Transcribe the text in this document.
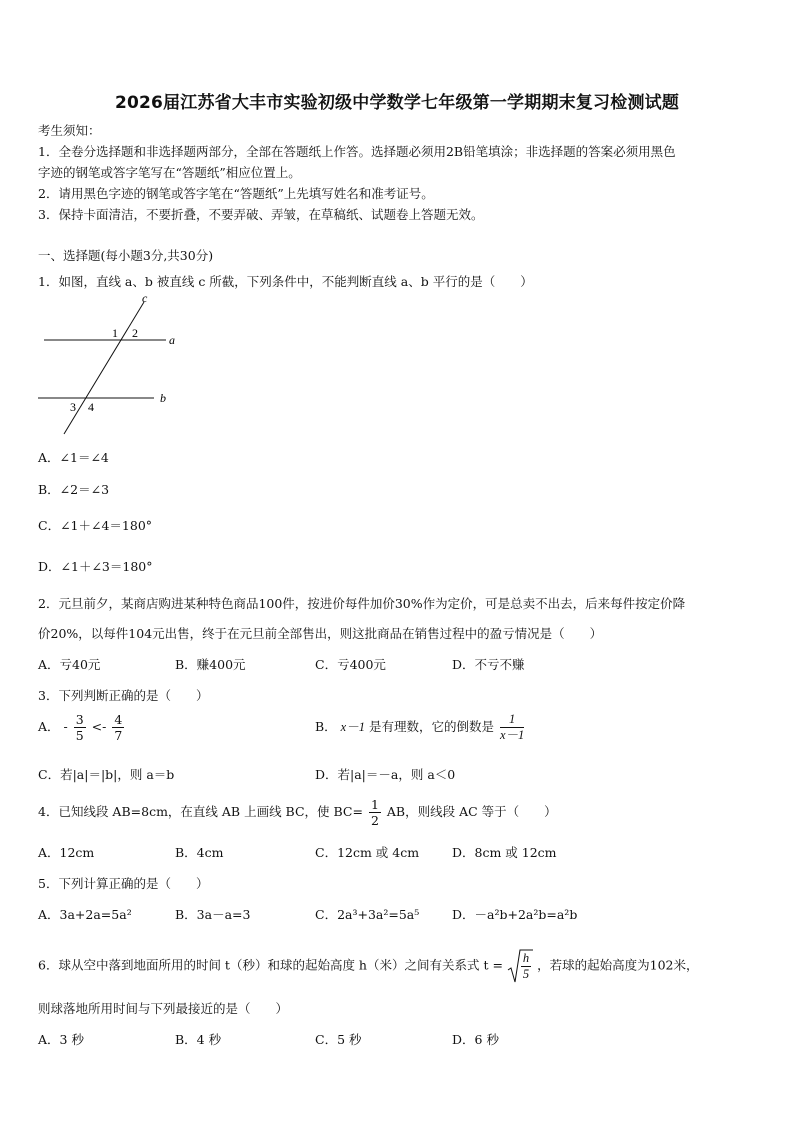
2026届江苏省大丰市实验初级中学数学七年级第一学期期末复习检测试题
考生须知：
1．全卷分选择题和非选择题两部分，全部在答题纸上作答。选择题必须用2B铅笔填涂；非选择题的答案必须用黑色
字迹的钢笔或答字笔写在“答题纸”相应位置上。
2．请用黑色字迹的钢笔或答字笔在“答题纸”上先填写姓名和准考证号。
3．保持卡面清洁，不要折叠，不要弄破、弄皱，在草稿纸、试题卷上答题无效。
一、选择题(每小题3分,共30分)
1．如图，直线 a、b 被直线 c 所截，下列条件中，不能判断直线 a、b 平行的是（　　）
c
a
b
1 2
3 4
A．∠1＝∠4
B．∠2＝∠3
C．∠1＋∠4＝180°
D．∠1＋∠3＝180°
2．元旦前夕，某商店购进某种特色商品100件，按进价每件加价30%作为定价，可是总卖不出去，后来每件按定价降
价20%，以每件104元出售，终于在元旦前全部售出，则这批商品在销售过程中的盈亏情况是（　　）
A．亏40元	B．赚400元	C．亏400元	D．不亏不赚
3．下列判断正确的是（　　）
A． - $\frac{3}{5} <- \frac{4}{7}$	B． x－1 是有理数，它的倒数是 $\frac{1}{x-1}$
C．若|a|＝|b|，则 a＝b	D．若|a|＝－a，则 a＜0
4．已知线段 AB=8cm，在直线 AB 上画线 BC，使 $BC= \frac{1}{2}$ AB，则线段 AC 等于（　　）
A．12cm	B．4cm	C．12cm 或 4cm	D．8cm 或 12cm
5．下列计算正确的是（　　）
A．3a+2a=5a²	B．3a－a=3	C．2a³+3a²=5a⁵	D．－a²b+2a²b=a²b
6．球从空中落到地面所用的时间 t（秒）和球的起始高度 h（米）之间有关系式 $t = \frac{h}{5}$ ，若球的起始高度为102米，
则球落地所用时间与下列最接近的是（　　）
A．3 秒	B．4 秒	C．5 秒	D．6 秒
